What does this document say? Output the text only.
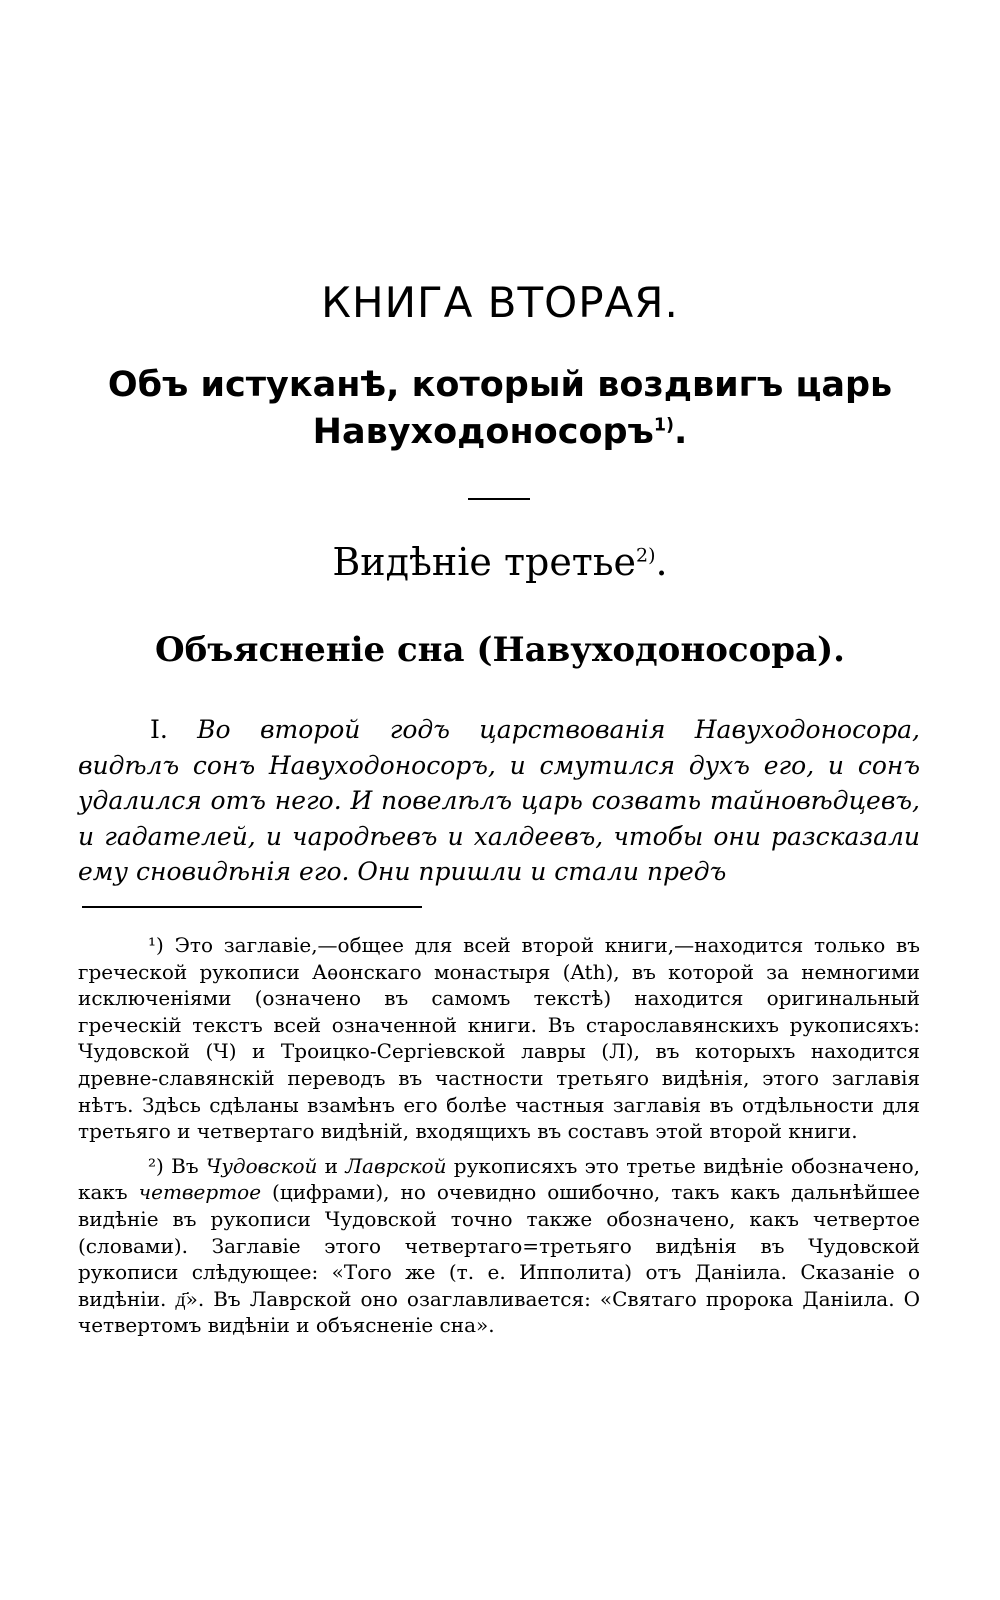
КНИГА ВТОРАЯ.
Объ истуканѣ, который воздвигъ царь Навуходоносоръ$^{1)}$.
Видѣніе третье$^{2)}$.
Объясненіе сна (Навуходоносора).
I. Во второй годъ царствованія Навуходоносора, видѣлъ сонъ Навуходоносоръ, и смутился духъ его, и сонъ удалился отъ него. И повелѣлъ царь созвать тайновѣдцевъ, и гадателей, и чародѣевъ и халдеевъ, чтобы они разсказали ему сновидѣнія его. Они пришли и стали предъ

¹) Это заглавіе,—общее для всей второй книги,—находится только въ греческой рукописи Аѳонскаго монастыря (Ath), въ которой за немногими исключеніями (означено въ самомъ текстѣ) находится оригинальный греческій текстъ всей означенной книги. Въ старославянскихъ рукописяхъ: Чудовской (Ч) и Троицко-Сергіевской лавры (Л), въ которыхъ находится древне-славянскій переводъ въ частности третьяго видѣнія, этого заглавія нѣтъ. Здѣсь сдѣланы взамѣнъ его болѣе частныя заглавія въ отдѣльности для третьяго и четвертаго видѣній, входящихъ въ составъ этой второй книги.

²) Въ Чудовской и Лаврской рукописяхъ это третье видѣніе обозначено, какъ четвертое (цифрами), но очевидно ошибочно, такъ какъ дальнѣйшее видѣніе въ рукописи Чудовской точно также обозначено, какъ четвертое (словами). Заглавіе этого четвертаго=третьяго видѣнія въ Чудовской рукописи слѣдующее: «Того же (т. е. Ипполита) отъ Даніила. Сказаніе о видѣніи. д҃». Въ Лаврской оно озаглавливается: «Святаго пророка Даніила. О четвертомъ видѣніи и объясненіе сна».
